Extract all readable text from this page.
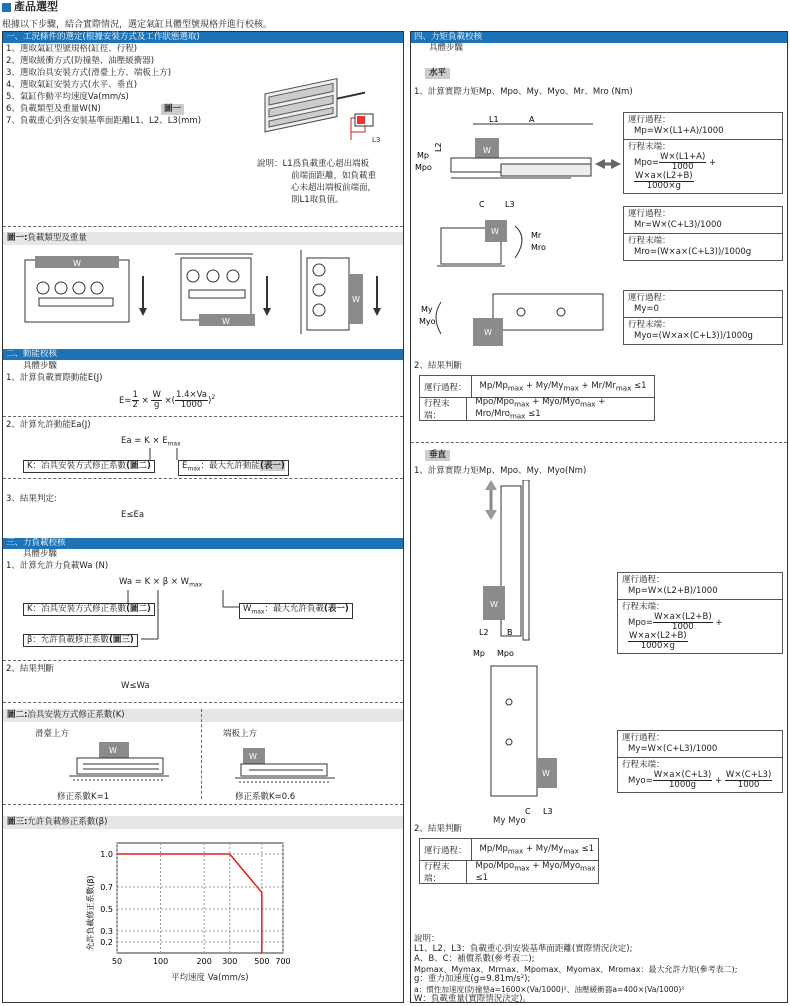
產品選型
根據以下步驟，結合實際情況，選定氣缸具體型號規格并進行校核。
一、工況條件的選定(根據安裝方式及工作狀態選取)
1、選取氣缸型號規格(缸徑、行程)
2、選取緩衝方式(防撞墊、油壓緩衝器)
3、選取冶具安裝方式(滑臺上方、端板上方)
4、選取氣缸安裝方式(水平、垂直)
5、氣缸作動平均速度Va(mm/s)
6、負載類型及重量W(N)	圖一
7、負載重心到各安裝基準面距離L1、L2、L3(mm)
L3
說明：L1爲負載重心超出端板
前端面距離，如負載重
心未超出端板前端面，
則L1取負值。
圖一:負載類型及重量
W
W
W
二、動能校核
具體步驟
1、計算負載實際動能E(J)
$E= \frac{1}{2} \times \frac{W}{g}$ ×( $\frac{1.4\times Va}{1000} )^2$
2、計算允許動能Ea(J)
$Ea = K \times E_{max}$
K：冶具安裝方式修正系數(圖二)	$E_{max}$：最大允許動能(表一)
3、結果判定:
E≤Ea
三、力負載校核
具體步驟
1、計算允許力負載Wa (N)
$Wa = K \times \beta \times W_{max}$
K：冶具安裝方式修正系數(圖二)	$W_{max}$：最大允許負載(表一)
β：允許負載修正系數(圖三)
2、結果判斷
W≤Wa
圖二:冶具安裝方式修正系數(K)
滑臺上方	端板上方
W
W
修正系數K=1	修正系數K=0.6
圖三:允許負載修正系數(β)
允許負載修正系數(β)
1.0
0.7
0.5
0.3
0.2
50	100	200 300 500 700
平均速度 Va(mm/s)
四、力矩負載校核
具體步驟
水平
1、計算實際力矩Mp、Mpo、My、Myo、Mr、Mro (Nm)
L1	A
L2	W
Mp
Mpo
運行過程：
Mp=W×(L1+A)/1000
行程末端：
$Mpo= \frac{W\times(L1+A)}{1000}$ +
$\frac{W\times a\times(L2+B)}{1000\times g}$
C	L3
W	Mr
Mro
運行過程：
Mr=W×(C+L3)/1000
行程末端：
Mro=(W×a×(C+L3))/1000g
My
Myo
W
運行過程：
My=0
行程末端：
Myo=(W×a×(C+L3))/1000g
2、結果判斷
運行過程：	$Mp/Mp_{max} + My/My_{max} + Mr/Mr_{max} \le 1$
行程末端：
Mpo/Mpo$_{max}$ + Myo/Myo$_{max}$ + Mro/Mro$_{max}$ ≤1
垂直
1、計算實際力矩Mp、Mpo、My、Myo(Nm)
W
L2 B
Mp Mpo
運行過程：
Mp=W×(L2+B)/1000
行程末端：
$Mpo= \frac{W\times a\times(L2+B)}{1000}$ +
$\frac{W\times a\times(L2+B)}{1000\times g}$
W
C L3
My Myo
運行過程：
My=W×(C+L3)/1000
行程末端：
$Myo= \frac{W\times a\times(C+L3)}{1000g} + \frac{W\times(C+L3)}{1000}$
2、結果判斷
運行過程：	$Mp/Mp_{max} + My/My_{max} \le 1$
行程末端：
Mpo/Mpo$_{max}$ + Myo/Myo$_{max}$ ≤1
說明：
L1、L2、L3：負載重心到安裝基準面距離(實際情況決定);
A、B、C：補償系數(參考表二);
Mpmax、Mymax、Mrmax、Mpomax、Myomax、Mromax：最大允許力矩(參考表二);
g：重力加速度(g=9.81m/s²);
a：慣性加速度(防撞墊a=1600×(Va/1000)²、油壓緩衝器a=400×(Va/1000)²
W：負載重量(實際情況決定)。
